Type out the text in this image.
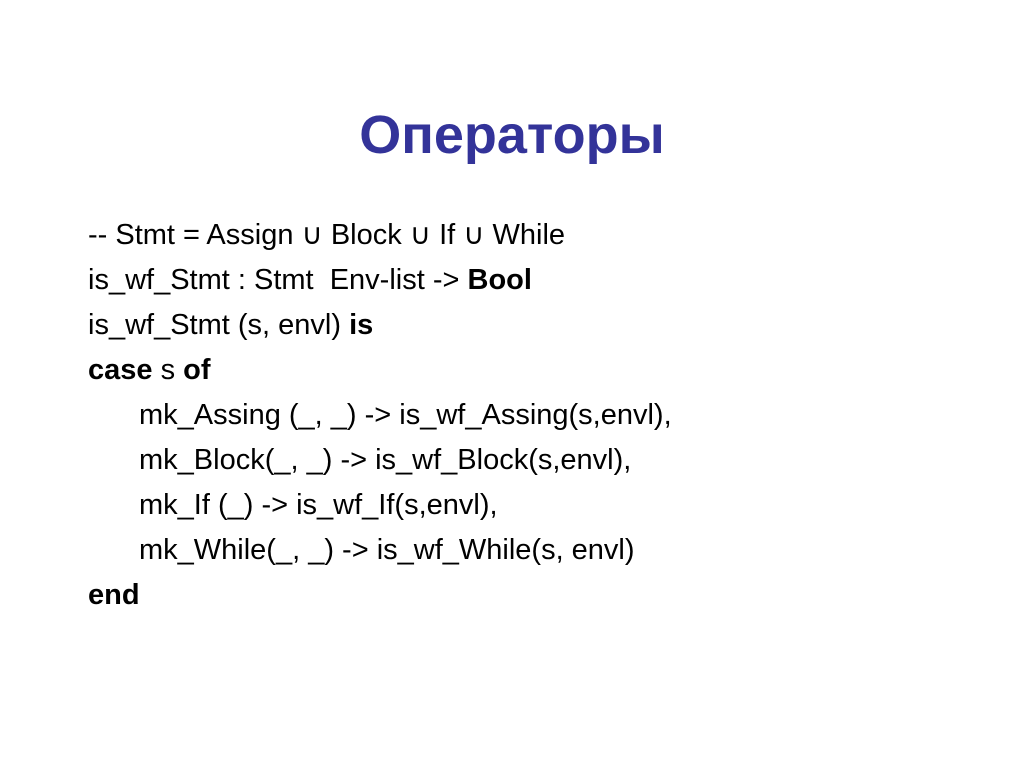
Операторы
-- Stmt = Assign ∪ Block ∪ If ∪ While
is_wf_Stmt : Stmt  Env-list -> Bool
is_wf_Stmt (s, envl) is
case s of
mk_Assing (_, _) -> is_wf_Assing(s,envl),
mk_Block(_, _) -> is_wf_Block(s,envl),
mk_If (_) -> is_wf_If(s,envl),
mk_While(_, _) -> is_wf_While(s, envl)
end
